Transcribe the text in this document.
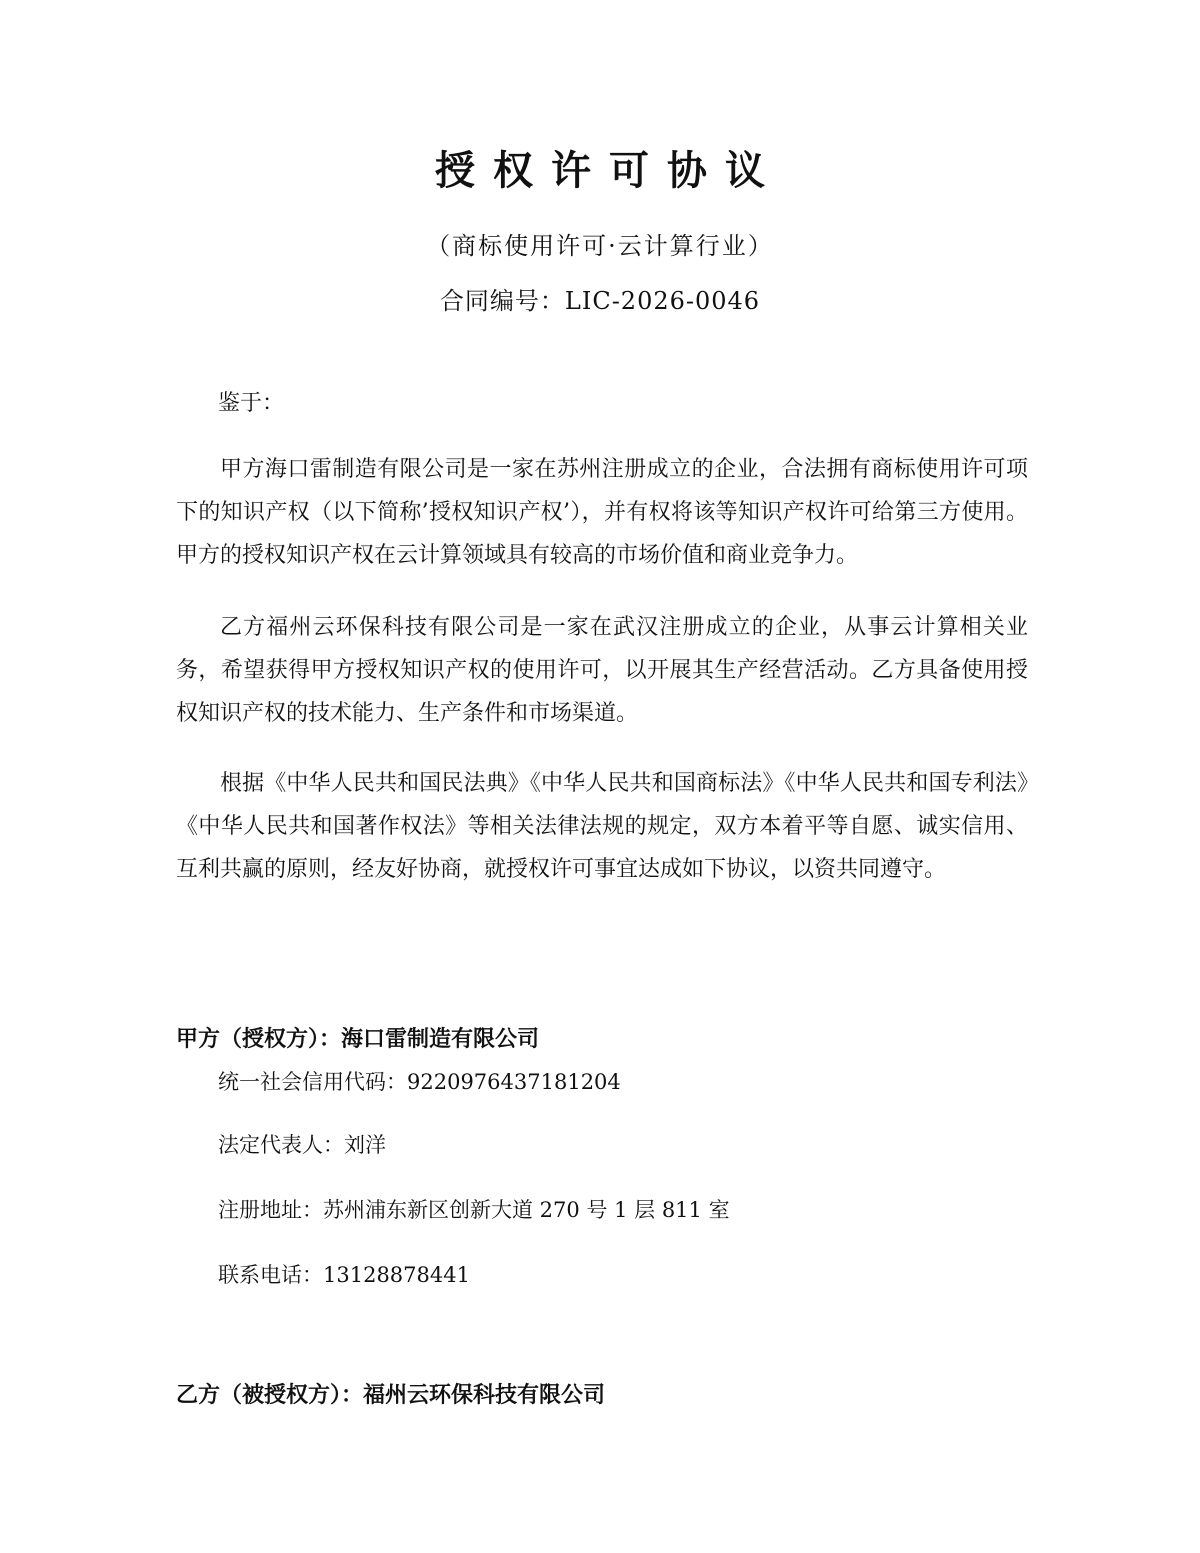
授权许可协议
（商标使用许可·云计算行业）
合同编号：LIC-2026-0046
鉴于：

甲方海口雷制造有限公司是一家在苏州注册成立的企业，合法拥有商标使用许可项下的知识产权（以下简称’授权知识产权’），并有权将该等知识产权许可给第三方使用。甲方的授权知识产权在云计算领域具有较高的市场价值和商业竞争力。

乙方福州云环保科技有限公司是一家在武汉注册成立的企业，从事云计算相关业务，希望获得甲方授权知识产权的使用许可，以开展其生产经营活动。乙方具备使用授权知识产权的技术能力、生产条件和市场渠道。

根据《中华人民共和国民法典》《中华人民共和国商标法》《中华人民共和国专利法》《中华人民共和国著作权法》等相关法律法规的规定，双方本着平等自愿、诚实信用、互利共赢的原则，经友好协商，就授权许可事宜达成如下协议，以资共同遵守。

甲方（授权方）：海口雷制造有限公司
统一社会信用代码：9220976437181204
法定代表人：刘洋
注册地址：苏州浦东新区创新大道 270 号 1 层 811 室
联系电话：13128878441
乙方（被授权方）：福州云环保科技有限公司
